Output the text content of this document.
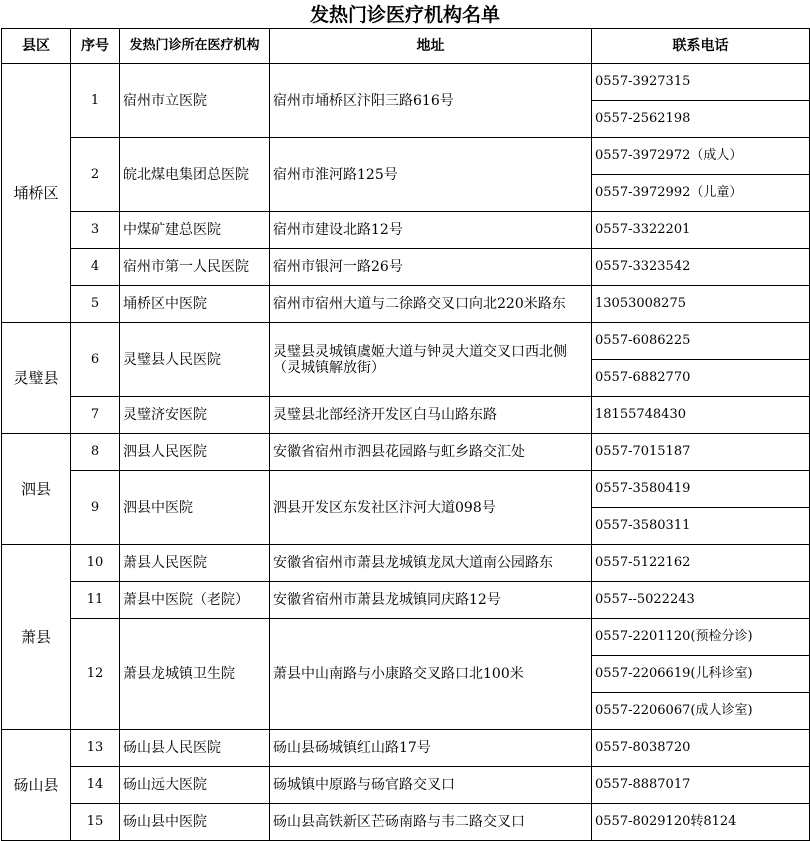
发热门诊医疗机构名单
县区	序号	发热门诊所在医疗机构	地址	联系电话
埇桥区	1	宿州市立医院	宿州市埇桥区汴阳三路616号	0557-3927315
				0557-2562198
	2	皖北煤电集团总医院	宿州市淮河路125号	0557-3972972（成人）
				0557-3972992（儿童）
	3	中煤矿建总医院	宿州市建设北路12号	0557-3322201
	4	宿州市第一人民医院	宿州市银河一路26号	0557-3323542
	5	埇桥区中医院	宿州市宿州大道与二徐路交叉口向北220米路东	13053008275
灵璧县	6	灵璧县人民医院	灵璧县灵城镇虞姬大道与钟灵大道交叉口西北侧（灵城镇解放街）	0557-6086225
				0557-6882770
	7	灵璧济安医院	灵璧县北部经济开发区白马山路东路	18155748430
泗县	8	泗县人民医院	安徽省宿州市泗县花园路与虹乡路交汇处	0557-7015187
	9	泗县中医院	泗县开发区东发社区汴河大道098号	0557-3580419
				0557-3580311
萧县	10	萧县人民医院	安徽省宿州市萧县龙城镇龙凤大道南公园路东	0557-5122162
	11	萧县中医院（老院）	安徽省宿州市萧县龙城镇同庆路12号	0557--5022243
	12	萧县龙城镇卫生院	萧县中山南路与小康路交叉路口北100米	0557-2201120(预检分诊)
				0557-2206619(儿科诊室)
				0557-2206067(成人诊室)
砀山县	13	砀山县人民医院	砀山县砀城镇红山路17号	0557-8038720
	14	砀山远大医院	砀城镇中原路与砀官路交叉口	0557-8887017
	15	砀山县中医院	砀山县高铁新区芒砀南路与韦二路交叉口	0557-8029120转8124
